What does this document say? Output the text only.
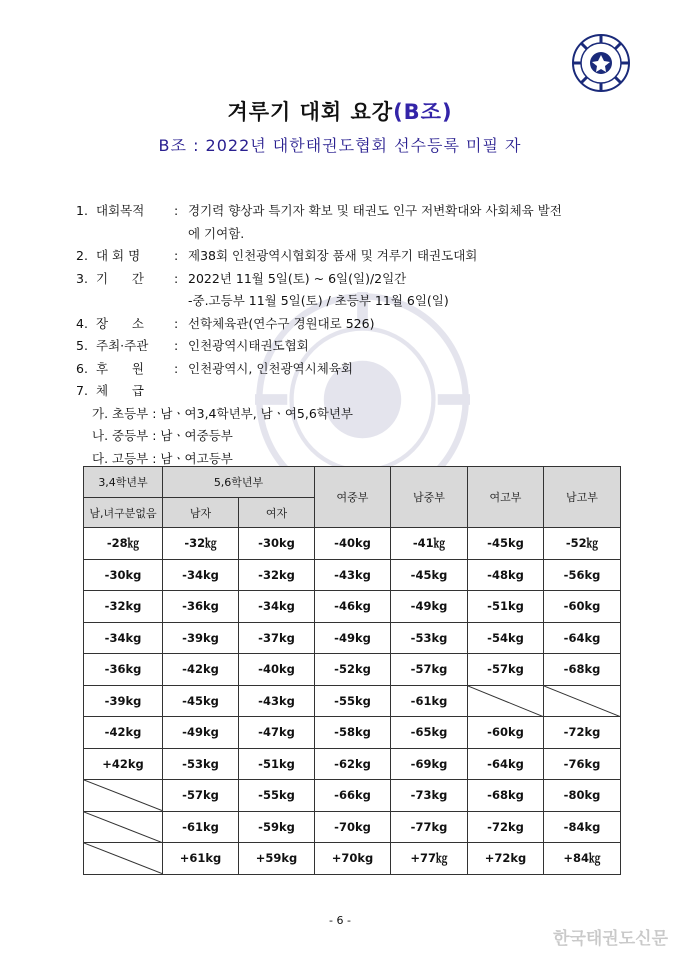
겨루기 대회 요강(B조)
B조 : 2022년 대한태권도협회 선수등록 미필 자
1. 대회목적	: 경기력 향상과 특기자 확보 및 태권도 인구 저변확대와 사회체육 발전
에 기여함.
2. 대 회 명	: 제38회 인천광역시협회장 품새 및 겨루기 태권도대회
3. 기      간	: 2022년 11월 5일(토) ~ 6일(일)/2일간
-중.고등부 11월 5일(토) / 초등부 11월 6일(일)
4. 장      소	: 선학체육관(연수구 경원대로 526)
5. 주최·주관	: 인천광역시태권도협회
6. 후      원	: 인천광역시, 인천광역시체육회
7. 체      급
가. 초등부 : 남ㆍ여3,4학년부, 남ㆍ여5,6학년부
나. 중등부 : 남ㆍ여중등부
다. 고등부 : 남ㆍ여고등부
3,4학년부	5,6학년부		여중부	남중부	여고부	남고부
남,녀구분없음	남자	여자				
-28㎏	-32㎏	-30kg	-40kg	-41㎏	-45kg	-52㎏
-30kg	-34kg	-32kg	-43kg	-45kg	-48kg	-56kg
-32kg	-36kg	-34kg	-46kg	-49kg	-51kg	-60kg
-34kg	-39kg	-37kg	-49kg	-53kg	-54kg	-64kg
-36kg	-42kg	-40kg	-52kg	-57kg	-57kg	-68kg
-39kg	-45kg	-43kg	-55kg	-61kg	

-42kg	-49kg	-47kg	-58kg	-65kg	-60kg	-72kg
+42kg	-53kg	-51kg	-62kg	-69kg	-64kg	-76kg

	-57kg	-55kg	-66kg	-73kg	-68kg	-80kg

	-61kg	-59kg	-70kg	-77kg	-72kg	-84kg

	+61kg	+59kg	+70kg	+77㎏	+72kg	+84㎏
- 6 -
한국태권도신문
